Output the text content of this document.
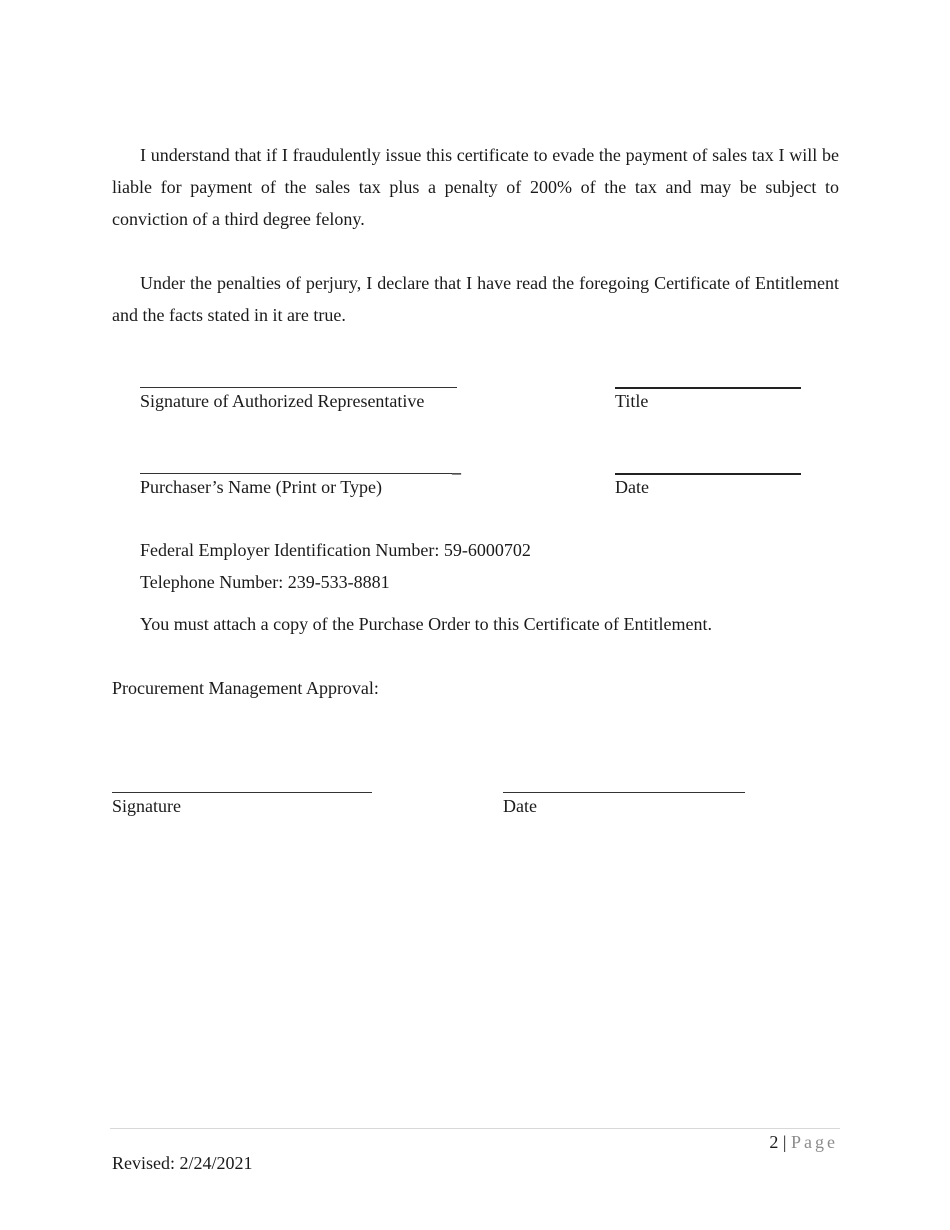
I understand that if I fraudulently issue this certificate to evade the payment of sales tax I will be liable for payment of the sales tax plus a penalty of 200% of the tax and may be subject to conviction of a third degree felony.

Under the penalties of perjury, I declare that I have read the foregoing Certificate of Entitlement and the facts stated in it are true.

Signature of Authorized Representative	Title
_
Purchaser’s Name (Print or Type)	Date
Federal Employer Identification Number: 59-6000702
Telephone Number: 239-533-8881
You must attach a copy of the Purchase Order to this Certificate of Entitlement.
Procurement Management Approval:
Signature	Date
2 | Page
Revised: 2/24/2021
